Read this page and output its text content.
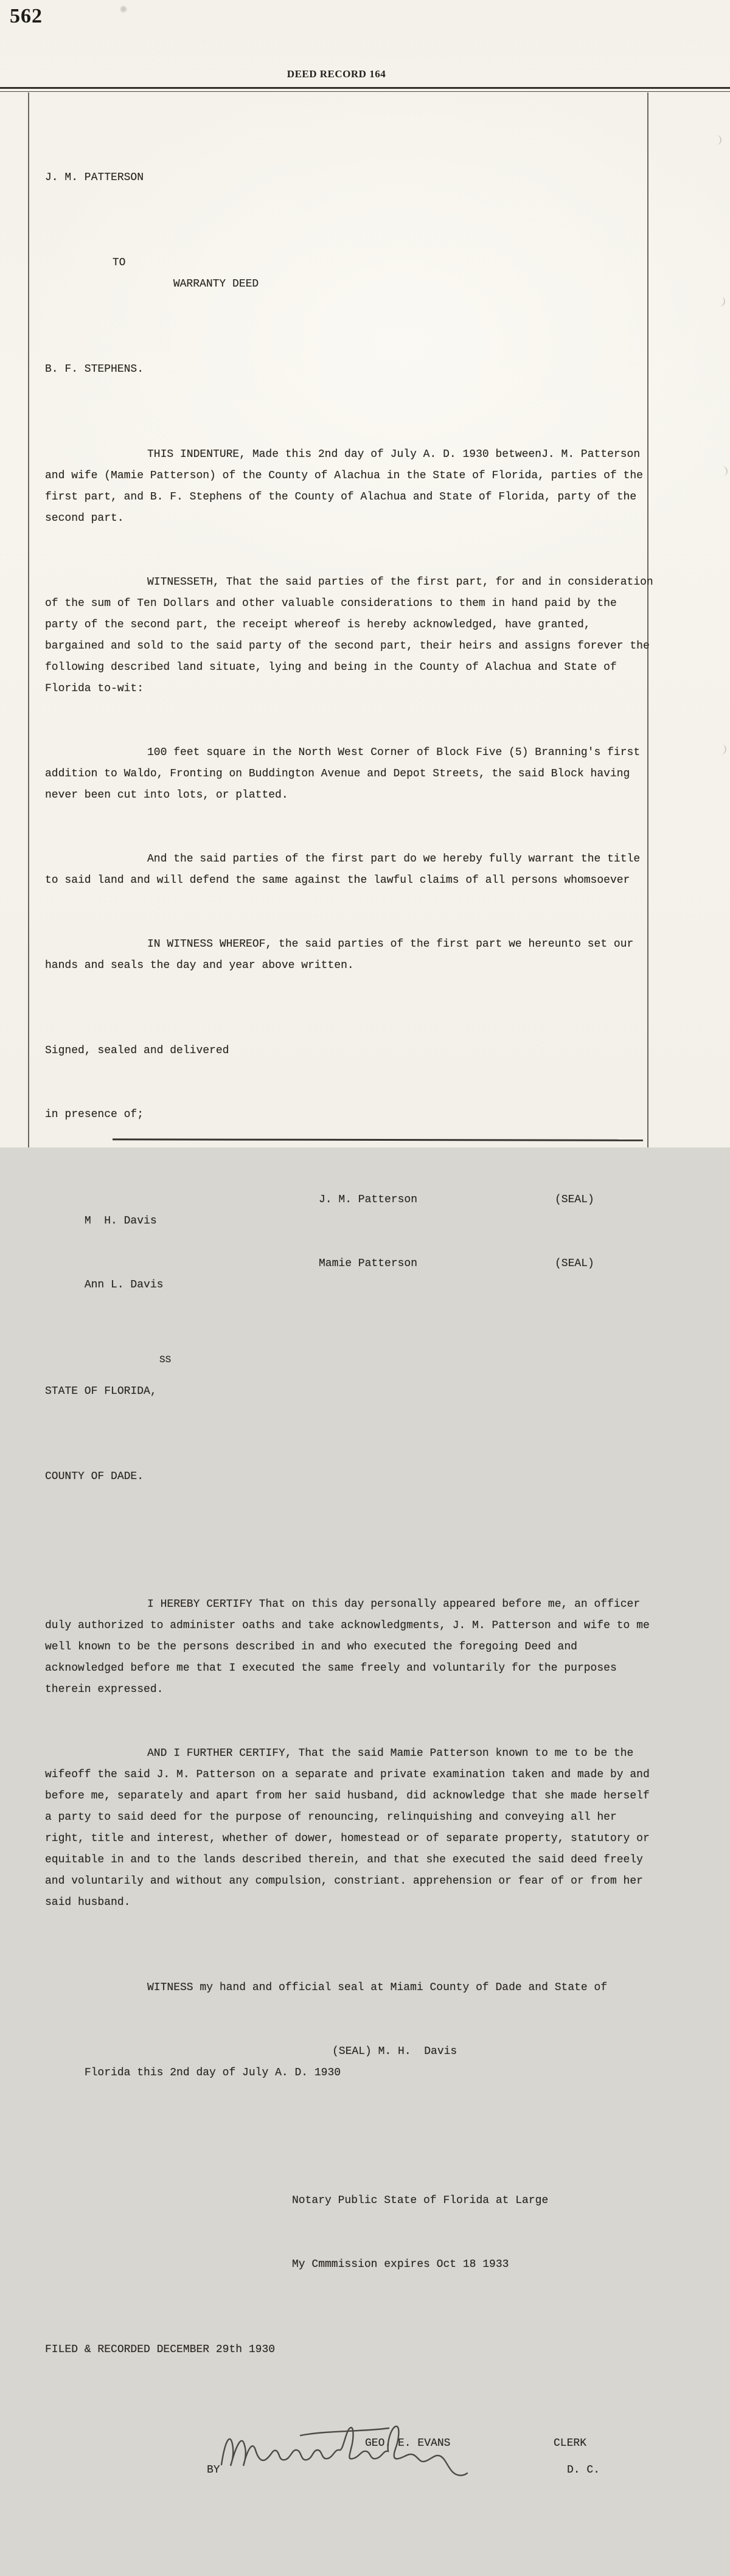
562
DEED RECORD 164

J. M. PATTERSON

TO
WARRANTY DEED

B. F. STEPHENS.

THIS INDENTURE, Made this 2nd day of July A. D. 1930 betweenJ. M. Patterson and wife (Mamie Patterson) of the County of Alachua in the State of Florida, parties of the first part, and B. F. Stephens of the County of Alachua and State of Florida, party of the second part.

WITNESSETH, That the said parties of the first part, for and in consideration of the sum of Ten Dollars and other valuable considerations to them in hand paid by the party of the second part, the receipt whereof is hereby acknowledged, have granted, bargained and sold to the said party of the second part, their heirs and assigns forever the following described land situate, lying and being in the County of Alachua and State of Florida to-wit:

100 feet square in the North West Corner of Block Five (5) Branning's first addition to Waldo, Fronting on Buddington Avenue and Depot Streets, the said Block having never been cut into lots, or platted.

And the said parties of the first part do we hereby fully warrant the title to said land and will defend the same against the lawful claims of all persons whomsoever

IN WITNESS WHEREOF, the said parties of the first part we hereunto set our hands and seals the day and year above written.

Signed, sealed and delivered

in presence of;

M  H. Davis

J. M. Patterson

	(SEAL)

Ann L. Davis

Mamie Patterson

	(SEAL)

STATE OF FLORIDA,

SS

COUNTY OF DADE.

I HEREBY CERTIFY That on this day personally appeared before me, an officer duly authorized to administer oaths and take acknowledgments, J. M. Patterson and wife to me well known to be the persons described in and who executed the foregoing Deed and acknowledged before me that I executed the same freely and voluntarily for the purposes therein expressed.

AND I FURTHER CERTIFY, That the said Mamie Patterson known to me to be the wifeoff the said J. M. Patterson on a separate and private examination taken and made by and before me, separately and apart from her said husband, did acknowledge that she made herself a party to said deed for the purpose of renouncing, relinquishing and conveying all her right, title and interest, whether of dower, homestead or of separate property, statutory or equitable in and to the lands described therein, and that she executed the said deed freely and voluntarily and without any compulsion, constriant. apprehension or fear of or from her said husband.

WITNESS my hand and official seal at Miami County of Dade and State of

Florida this 2nd day of July A. D. 1930

(SEAL) M. H.  Davis

Notary Public State of Florida at Large

My Cmmmission expires Oct 18 1933

FILED & RECORDED DECEMBER 29th 1930

GEO. E. EVANS

	CLERK

BY

	D. C.
